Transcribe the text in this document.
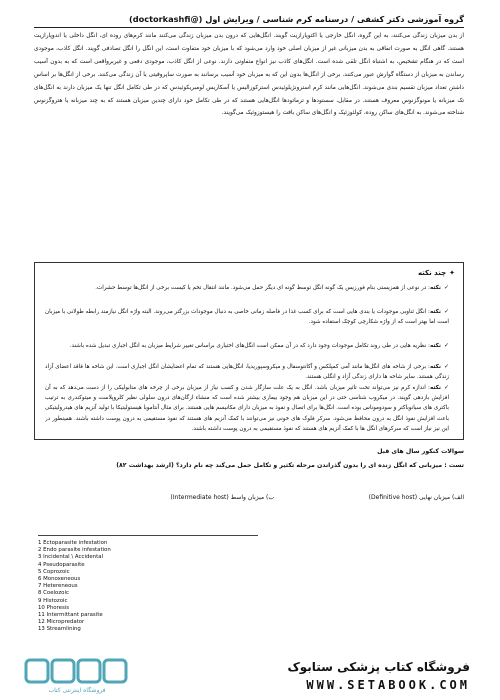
گروه آموزشی دکتر کشفی / درسنامه کرم شناسی / ویرایش اول (@doctorkashfi)
از بدن میزبان زندگی می‌کنند، به این گروه، انگل خارجی یا اکتوپارازیت گویند. انگل‌هایی که درون بدن میزبان زندگی می‌کنند مانند کرم‌های روده ای، انگل داخلی یا اندوپارازیت هستند. گاهی انگل به صورت اتفاقی به بدن میزبانی غیر از میزبان اصلی خود وارد می‌شود که با میزبان خود متفاوت است، این انگل را انگل تصادفی گویند. انگل کاذب، موجودی است که در هنگام تشخیص، به اشتباه انگل تلقی شده است. انگل‌های کاذب نیز انواع متفاوتی دارند. نوعی از انگل کاذب، موجودی دفعی و غیربرواقعی است که به بدون آسیب رساندن به میزبان از دستگاه گوارش عبور می‌کنند. برخی از انگل‌ها بدون این که به میزبان خود آسیب برسانند به صورت ساپروفیتی یا آن زندگی می‌کنند. برخی از انگل‌ها بر اساس داشتن تعداد میزبان تقسیم بندی می‌شوند. انگل‌هایی مانند کرم استرونژیلوئیدس استرکورالیس یا آسکاریس لومبریکوئیدس که در طی تکامل انگل تنها یک میزبان دارند به انگل‌های تک میزبانه یا مونوگزنوس معروف هستند. در مقابل، سستودها و ترماتودها انگل‌هایی هستند که در طی تکامل خود دارای چندین میزبان هستند که به چند میزبانه یا هتروگزنوس شناخته می‌شوند. به انگل‌های ساکن روده، کولئوزئیک و انگل‌های ساکن بافت را هیستوزوئیک می‌گویند.
✦چند نکته
✓نکته: در نوعی از همزیستی بنام فورزیس یک گونه انگل توسط گونه ای دیگر حمل می‌شود. مانند انتقال تخم یا کیست برخی از انگل‌ها توسط حشرات.
✓نکته: انگل ثناوبی موجودات یا بندی هایی است که برای کسب غذا در فاصله زمانی خاصی به دنبال موجودات بزرگتر می‌روند. البته واژه انگل نیازمند رابطه طولانی با میزبان است اما بهتر است که از واژه شکارچی کوچک استفاده شود.
✓نکته: نظریه هایی در طی روند تکامل موجودات وجود دارد که در آن ممکن است انگل‌های اختیاری براساس تغییر شرایط میزبان به انگل اجباری تبدیل شده باشند.
✓نکته: برخی از شاخه های انگل‌ها مانند آمی کمپلکس و آکانتوسفال و میکروسپوریدیا، انگل‌هایی هستند که تمام اعضایشان انگل اجباری است. این شاخه ها فاقد اعضای آزاد زندگی هستند. سایر شاخه ها دارای زندگی آزاد و انگلی هستند.
✓نکته: اندازه کرم نیز می‌تواند تحت تاثیر میزبان باشد. انگل به یک علت سازگار شدن و کسب نیاز از میزبان برخی از چرخه های متابولیکی را از دست می‌دهد که به آن افزایش بازدهی گویند. در میکروب شناسی حتی در این میزبان هم وجود بیماری بیشتر شده است که منشاء ارگان‌های درون سلولی نظیر کلروپلاست و میتوکندری به ترتیب باکتری های سیانوباکتر و سودوموناس بوده است. انگل‌ها برای اتصال و نفوذ به میزبان دارای مکانیسم هایی هستند. برای مثال آنتاموبا هیستولیتیکا با تولید آنزیم های هیدرولیتیکی باعث افزایش نفوذ انگل به درون محافظ می‌شود. سرکر فلوک های خونی نیز می‌توانند با کمک آنزیم های هستند که نفوذ مستقیمی به درون پوست داشته باشند. همینطور در این نیز نیاز است که سرکرهای انگل ها با کمک آنزیم های هستند که نفوذ مستقیمی به درون پوست داشته باشند.
سوالات کنکور سال های قبل
تست : میزبانی که انگل زنده ای را بدون گذراندن مرحله تکثیر و تکامل حمل می‌کند چه نام دارد؟ (ارشد بهداشت ۸۲)
الف) میزبان نهایی (Definitive host)
ب) میزبان واسط (Intermediate host)
1 Ectoparasite infestation
2 Endo parasite infestation
3 Incidental \ Accidental
4 Pseudoparasite
5 Coprozoic
6 Monoxeneous
7 Hetereneous
8 Coelozoic
9 Histozoic
10 Phoresis
11 Intermittant parasite
12 Micropredator
13 Streamlining
فروشگاه اینترنتی کتاب
فروشگاه کتاب پزشکی ستابوک
WWW.SETABOOK.COM
